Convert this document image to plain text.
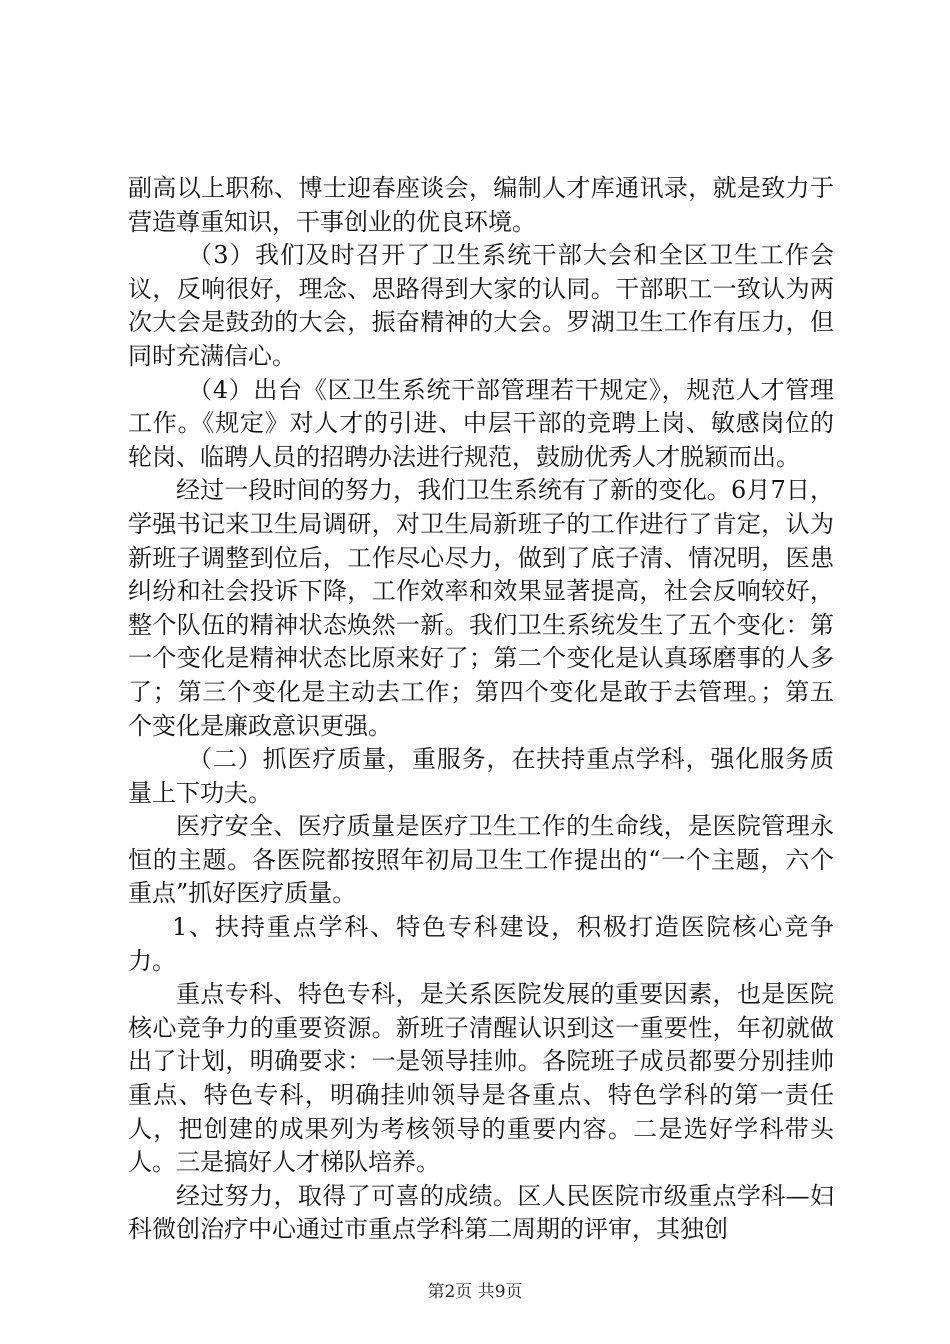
副高以上职称、博士迎春座谈会，编制人才库通讯录，就是致力于营造尊重知识，干事创业的优良环境。

（3）我们及时召开了卫生系统干部大会和全区卫生工作会议，反响很好，理念、思路得到大家的认同。干部职工一致认为两次大会是鼓劲的大会，振奋精神的大会。罗湖卫生工作有压力，但同时充满信心。

（4）出台《区卫生系统干部管理若干规定》，规范人才管理工作。《规定》对人才的引进、中层干部的竞聘上岗、敏感岗位的轮岗、临聘人员的招聘办法进行规范，鼓励优秀人才脱颖而出。

经过一段时间的努力，我们卫生系统有了新的变化。6月7日，学强书记来卫生局调研，对卫生局新班子的工作进行了肯定，认为新班子调整到位后，工作尽心尽力，做到了底子清、情况明，医患纠纷和社会投诉下降，工作效率和效果显著提高，社会反响较好，整个队伍的精神状态焕然一新。我们卫生系统发生了五个变化：第一个变化是精神状态比原来好了；第二个变化是认真琢磨事的人多了；第三个变化是主动去工作；第四个变化是敢于去管理。；第五个变化是廉政意识更强。

（二）抓医疗质量，重服务，在扶持重点学科，强化服务质量上下功夫。

医疗安全、医疗质量是医疗卫生工作的生命线，是医院管理永恒的主题。各医院都按照年初局卫生工作提出的“一个主题，六个重点”抓好医疗质量。

1、扶持重点学科、特色专科建设，积极打造医院核心竞争力。

重点专科、特色专科，是关系医院发展的重要因素，也是医院核心竞争力的重要资源。新班子清醒认识到这一重要性，年初就做出了计划，明确要求：一是领导挂帅。各院班子成员都要分别挂帅重点、特色专科，明确挂帅领导是各重点、特色学科的第一责任人，把创建的成果列为考核领导的重要内容。二是选好学科带头人。三是搞好人才梯队培养。

经过努力，取得了可喜的成绩。区人民医院市级重点学科—妇科微创治疗中心通过市重点学科第二周期的评审，其独创

第2页 共9页
